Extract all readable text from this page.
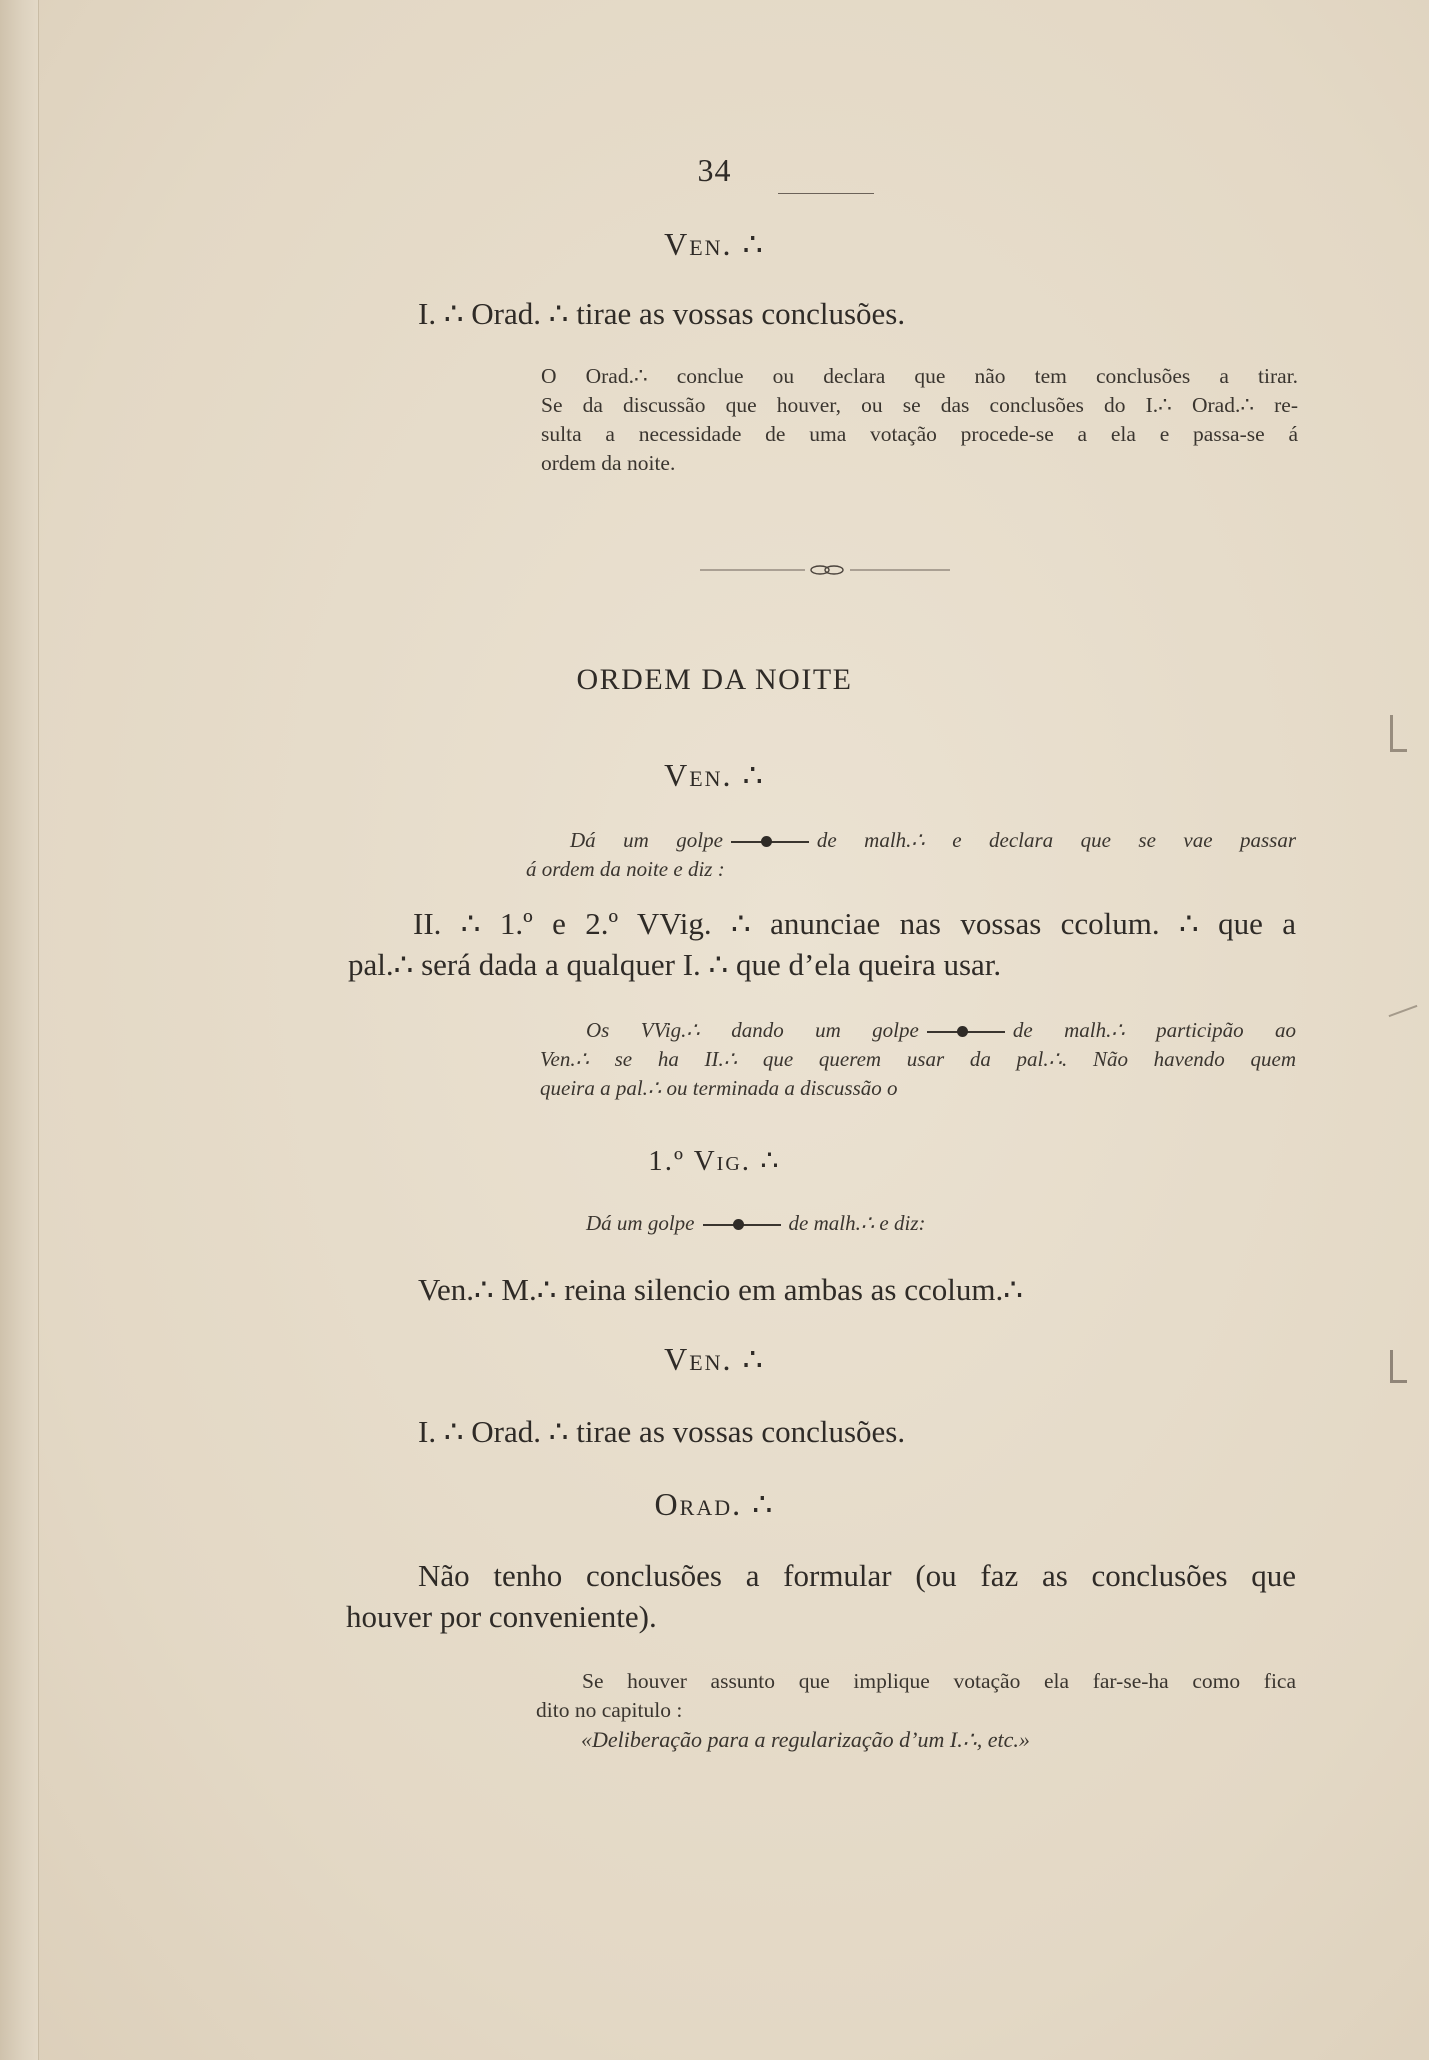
34
Ven. ∴
I. ∴ Orad. ∴ tirae as vossas conclusões.
O Orad.∴ conclue ou declara que não tem conclusões a tirar.
Se da discussão que houver, ou se das conclusões do I.∴ Orad.∴ re-
sulta a necessidade de uma votação procede-se a ela e passa-se á
ordem da noite.
ORDEM DA NOITE
Ven. ∴
Dá um golpe	de malh.∴ e declara que se vae passar
á ordem da noite e diz :
II. ∴ 1.º e 2.º VVig. ∴ anunciae nas vossas ccolum. ∴ que a
pal.∴ será dada a qualquer I. ∴ que d’ela queira usar.
Os VVig.∴ dando um golpe	de malh.∴ participão ao
Ven.∴ se ha II.∴ que querem usar da pal.∴. Não havendo quem
queira a pal.∴ ou terminada a discussão o
1.º Vig. ∴
Dá um golpe	de malh.∴ e diz:
Ven.∴ M.∴ reina silencio em ambas as ccolum.∴
Ven. ∴
I. ∴ Orad. ∴ tirae as vossas conclusões.
Orad. ∴
Não tenho conclusões a formular (ou faz as conclusões que
houver por conveniente).
Se houver assunto que implique votação ela far-se-ha como fica
dito no capitulo :
«Deliberação para a regularização d’um I.∴, etc.»
